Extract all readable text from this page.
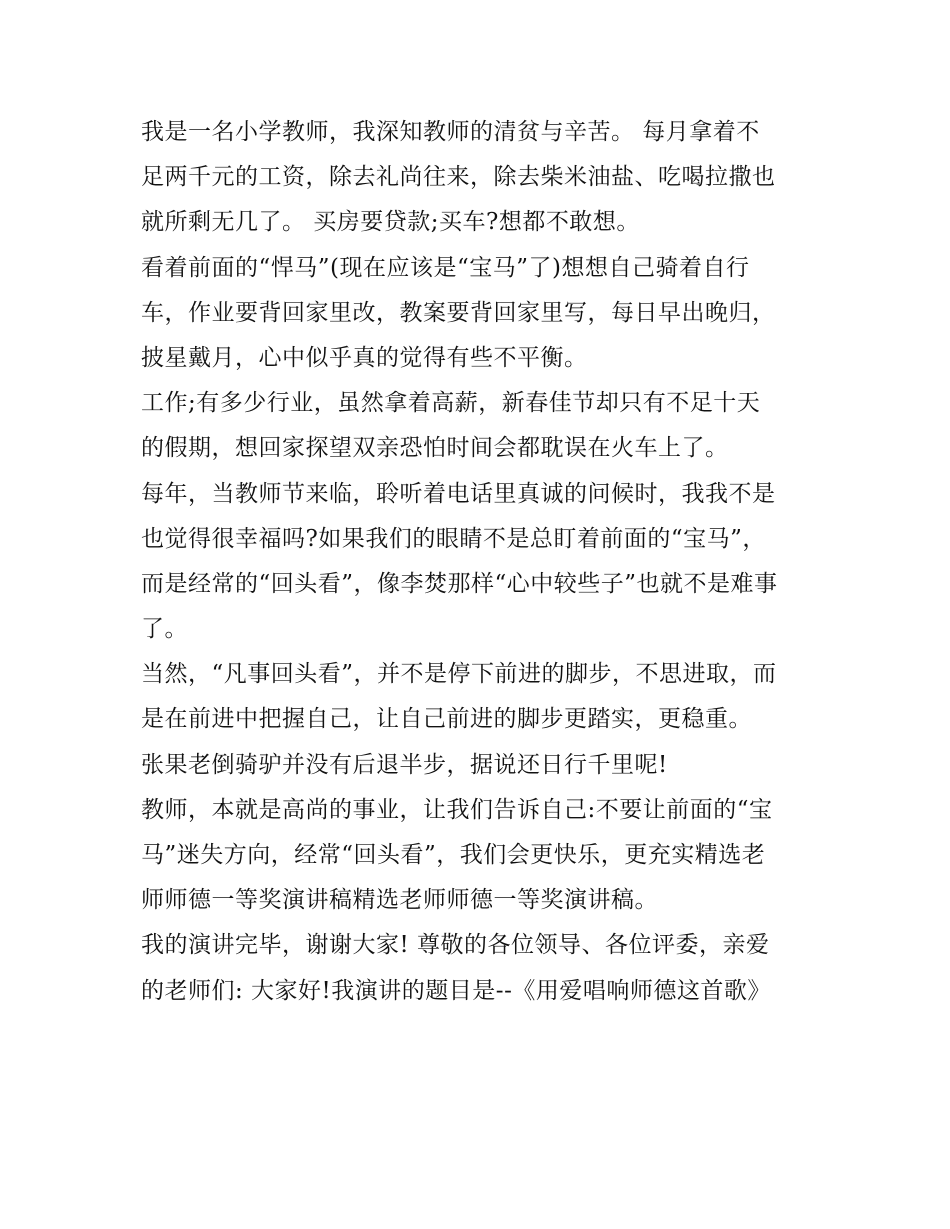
我是一名小学教师，我深知教师的清贫与辛苦。 每月拿着不
足两千元的工资，除去礼尚往来，除去柴米油盐、吃喝拉撒也
就所剩无几了。 买房要贷款;买车?想都不敢想。
看着前面的“悍马”(现在应该是“宝马”了)想想自己骑着自行
车，作业要背回家里改，教案要背回家里写，每日早出晚归，
披星戴月，心中似乎真的觉得有些不平衡。
工作;有多少行业，虽然拿着高薪，新春佳节却只有不足十天
的假期，想回家探望双亲恐怕时间会都耽误在火车上了。
每年，当教师节来临，聆听着电话里真诚的问候时，我我不是
也觉得很幸福吗?如果我们的眼睛不是总盯着前面的“宝马”，
而是经常的“回头看”，像李焚那样“心中较些子”也就不是难事
了。
当然，“凡事回头看”，并不是停下前进的脚步，不思进取，而
是在前进中把握自己，让自己前进的脚步更踏实，更稳重。
张果老倒骑驴并没有后退半步，据说还日行千里呢!
教师，本就是高尚的事业，让我们告诉自己:不要让前面的“宝
马”迷失方向，经常“回头看”，我们会更快乐，更充实精选老
师师德一等奖演讲稿精选老师师德一等奖演讲稿。
我的演讲完毕，谢谢大家! 尊敬的各位领导、各位评委，亲爱
的老师们: 大家好!我演讲的题目是--《用爱唱响师德这首歌》
